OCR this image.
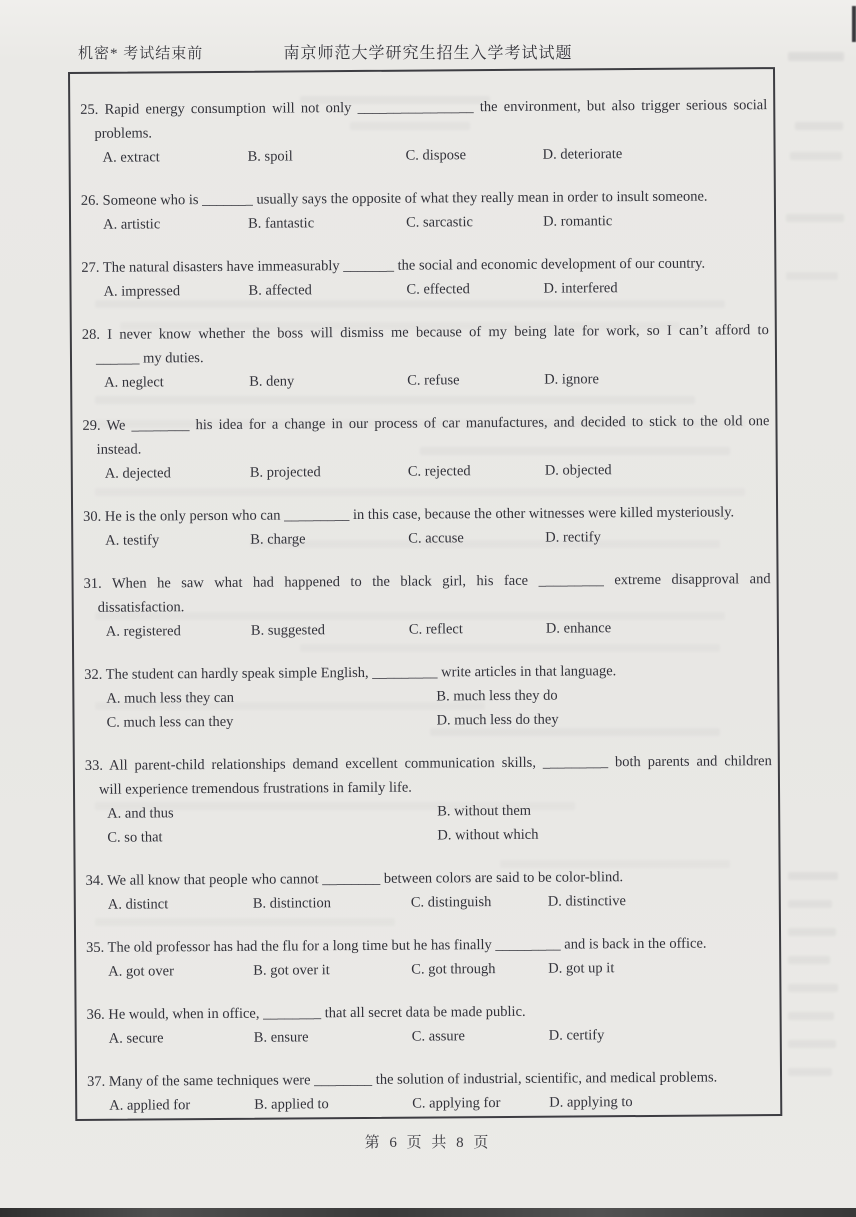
机密* 考试结束前	南京师范大学研究生招生入学考试试题
25. Rapid energy consumption will not only ________________ the environment, but also trigger serious social
problems.
A. extract	B. spoil	C. dispose	D. deteriorate
26. Someone who is _______ usually says the opposite of what they really mean in order to insult someone.
A. artistic	B. fantastic	C. sarcastic	D. romantic
27. The natural disasters have immeasurably _______ the social and economic development of our country.
A. impressed	B. affected	C. effected	D. interfered
28. I never know whether the boss will dismiss me because of my being late for work, so I can’t afford to
______ my duties.
A. neglect	B. deny	C. refuse	D. ignore
29. We ________ his idea for a change in our process of car manufactures, and decided to stick to the old one
instead.
A. dejected	B. projected	C. rejected	D. objected
30. He is the only person who can _________ in this case, because the other witnesses were killed mysteriously.
A. testify	B. charge	C. accuse	D. rectify
31. When he saw what had happened to the black girl, his face _________ extreme disapproval and
dissatisfaction.
A. registered	B. suggested	C. reflect	D. enhance
32. The student can hardly speak simple English, _________ write articles in that language.
A. much less they can	B. much less they do
C. much less can they	D. much less do they
33. All parent-child relationships demand excellent communication skills, _________ both parents and children
will experience tremendous frustrations in family life.
A. and thus	B. without them
C. so that	D. without which
34. We all know that people who cannot ________ between colors are said to be color-blind.
A. distinct	B. distinction	C. distinguish	D. distinctive
35. The old professor has had the flu for a long time but he has finally _________ and is back in the office.
A. got over	B. got over it	C. got through	D. got up it
36. He would, when in office, ________ that all secret data be made public.
A. secure	B. ensure	C. assure	D. certify
37. Many of the same techniques were ________ the solution of industrial, scientific, and medical problems.
A. applied for	B. applied to	C. applying for	D. applying to
第 6 页 共 8 页
